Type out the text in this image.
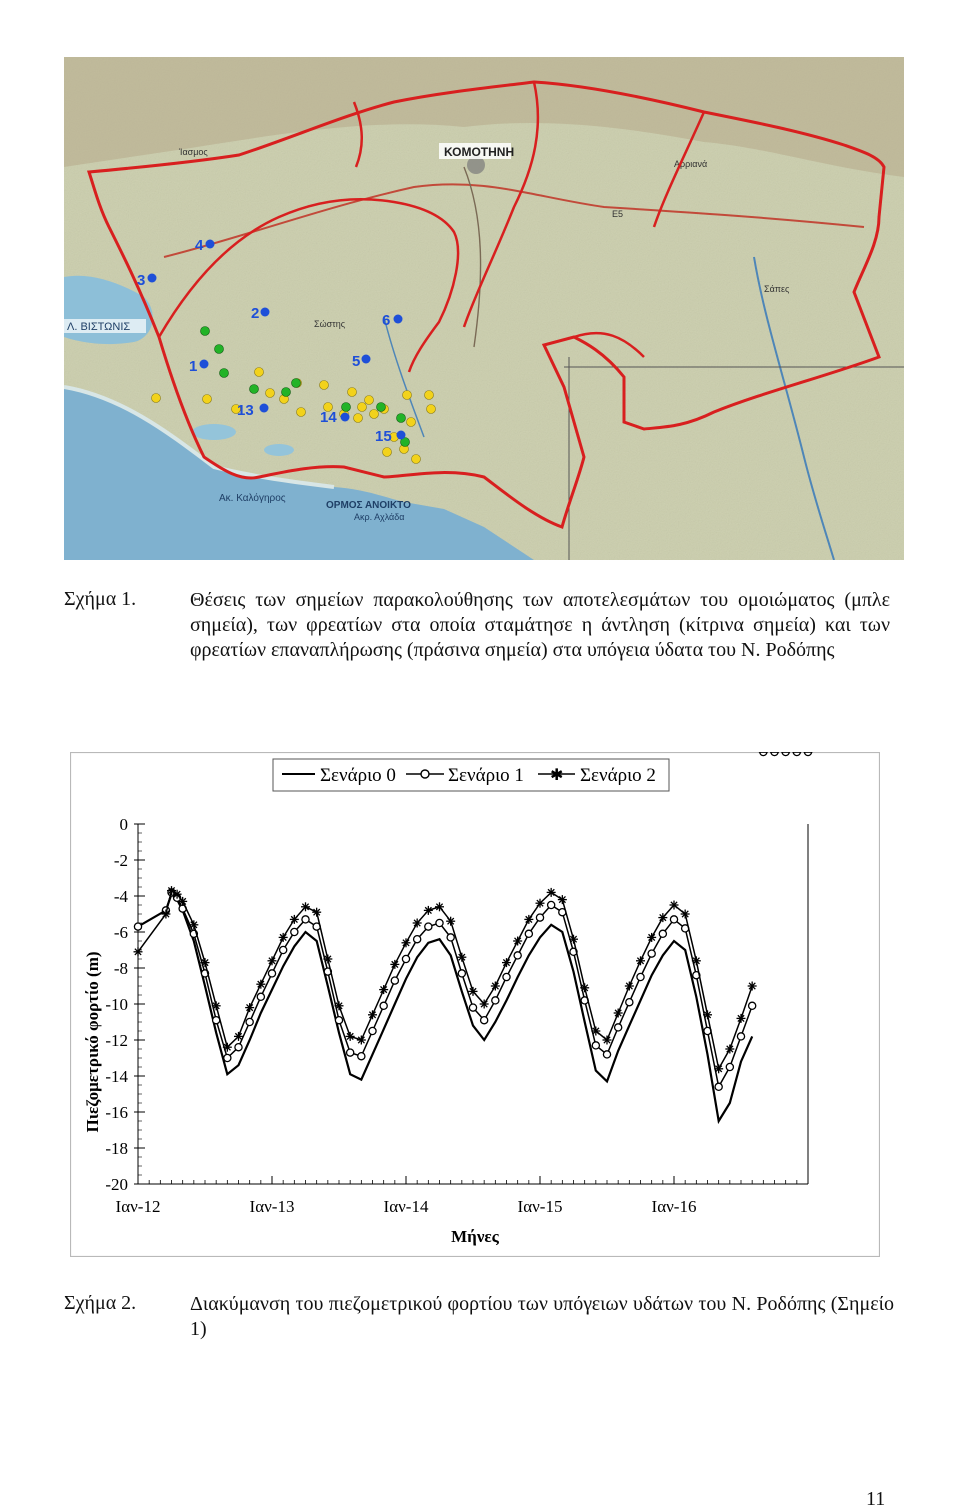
ΚΟΜΟΤΗΝΗ
Λ. ΒΙΣΤΩΝΙΣ
ΟΡΜΟΣ ΑΝΟΙΚΤΟ
Ακ. Καλόγηρος
Ακρ. Αχλάδα
Ε5
Σώστης
Ίασμος
Σάπες
Αρριανά
4
3
2	6
1	5
13	14
15
Σχήμα 1.	Θέσεις των σημείων παρακολούθησης των αποτελεσμάτων του ομοιώματος (μπλε σημεία), των φρεατίων στα οποία σταμάτησε η άντληση (κίτρινα σημεία) και των φρεατίων επαναπλήρωσης (πράσινα σημεία) στα υπόγεια ύδατα του Ν. Ροδόπης
Σενάριο 0	Σενάριο 1 ✱ Σενάριο 2
Πιεζομετρικό φορτίο (m)
Μήνες
0
-2
-4
-6
-8
-10
-12
-14
-16
-18
-20
Ιαν-12	Ιαν-13	Ιαν-14	Ιαν-15	Ιαν-16
Σχήμα 2.	Διακύμανση του πιεζομετρικού φορτίου των υπόγειων υδάτων του Ν. Ροδόπης (Σημείο 1)
11
